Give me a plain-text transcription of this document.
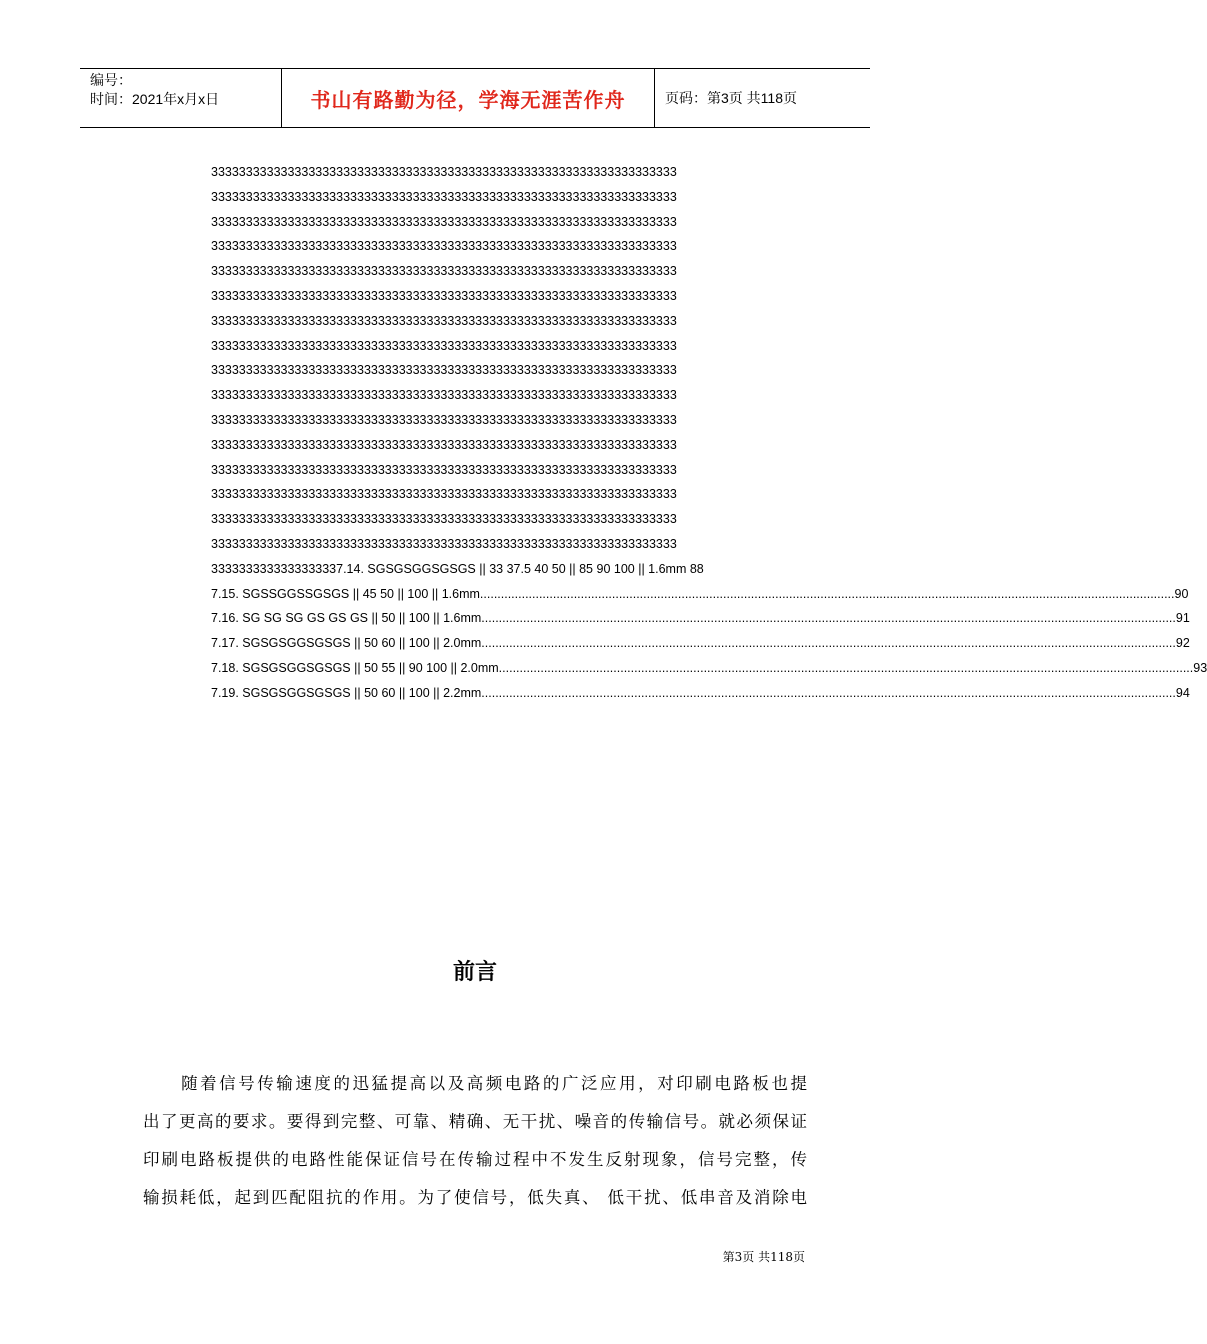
编号：
时间：2021年x月x日	书山有路勤为径，学海无涯苦作舟	页码：第3页 共118页
3333333333333333333333333333333333333333333333333333333333333333333
3333333333333333333333333333333333333333333333333333333333333333333
3333333333333333333333333333333333333333333333333333333333333333333
3333333333333333333333333333333333333333333333333333333333333333333
3333333333333333333333333333333333333333333333333333333333333333333
3333333333333333333333333333333333333333333333333333333333333333333
3333333333333333333333333333333333333333333333333333333333333333333
3333333333333333333333333333333333333333333333333333333333333333333
3333333333333333333333333333333333333333333333333333333333333333333
3333333333333333333333333333333333333333333333333333333333333333333
3333333333333333333333333333333333333333333333333333333333333333333
3333333333333333333333333333333333333333333333333333333333333333333
3333333333333333333333333333333333333333333333333333333333333333333
3333333333333333333333333333333333333333333333333333333333333333333
3333333333333333333333333333333333333333333333333333333333333333333
3333333333333333333333333333333333333333333333333333333333333333333
3333333333333333337.14. SGSGSGGSGSGS || 33 37.5 40 50 || 85 90 100 || 1.6mm 88
7.15. SGSSGGSSGSGS || 45 50 || 100 || 1.6mm ........................................................................................................................................................................................................ 90
7.16. SG SG SG GS GS GS || 50 || 100 || 1.6mm ........................................................................................................................................................................................................ 91
7.17. SGSGSGGSGSGS || 50 60 || 100 || 2.0mm ........................................................................................................................................................................................................ 92
7.18. SGSGSGGSGSGS || 50 55 || 90 100 || 2.0mm ........................................................................................................................................................................................................ 93
7.19. SGSGSGGSGSGS || 50 60 || 100 || 2.2mm ........................................................................................................................................................................................................ 94
前言
　　随着信号传输速度的迅猛提高以及高频电路的广泛应用，对印刷电路板也提
出了更高的要求。要得到完整、可靠、精确、无干扰、噪音的传输信号。就必须保证
印刷电路板提供的电路性能保证信号在传输过程中不发生反射现象，信号完整，传
输损耗低，起到匹配阻抗的作用。为了使信号，低失真、 低干扰、低串音及消除电
第3页 共118页
